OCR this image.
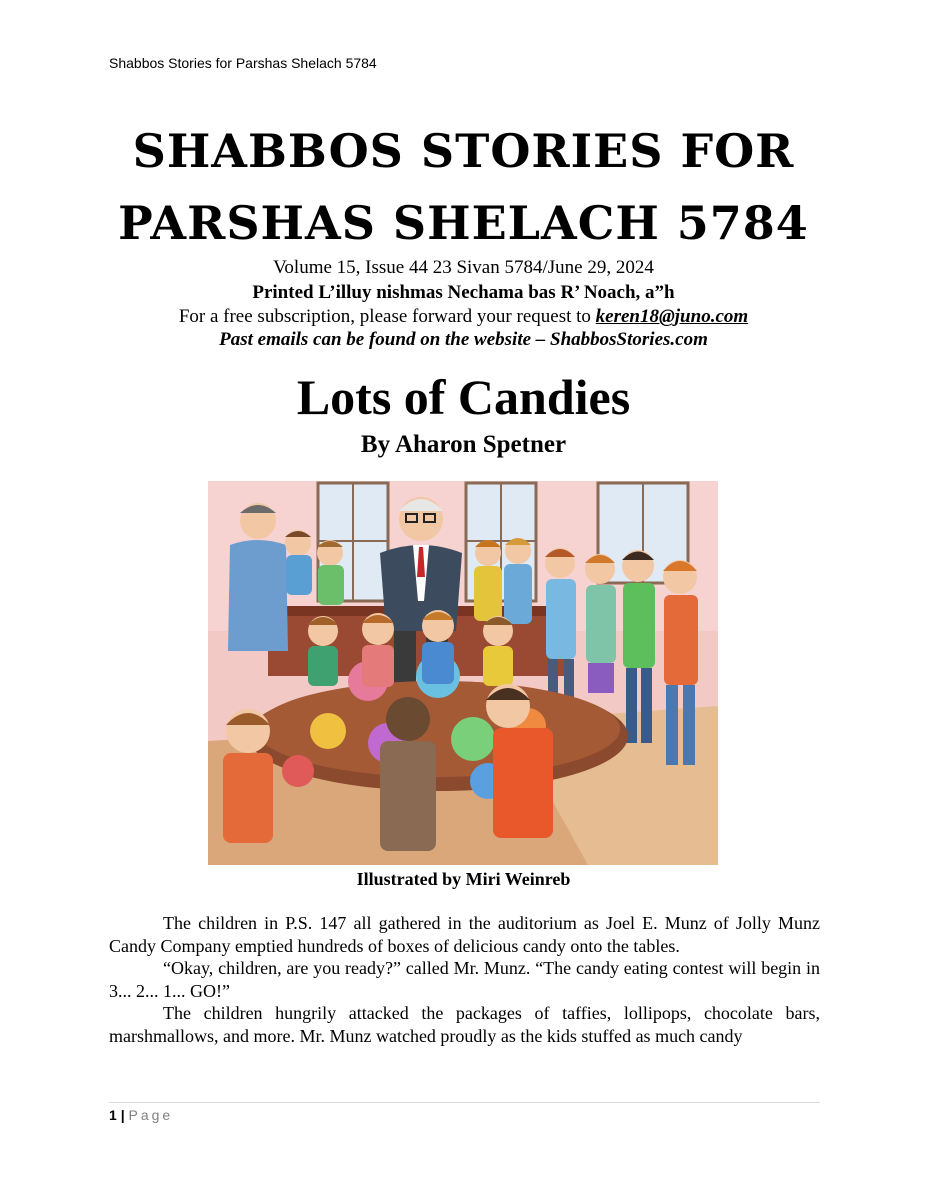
Shabbos Stories for Parshas Shelach 5784
SHABBOS STORIES FOR
PARSHAS SHELACH 5784
Volume 15, Issue 44 23 Sivan 5784/June 29, 2024
Printed L’illuy nishmas Nechama bas R’ Noach, a”h
For a free subscription, please forward your request to keren18@juno.com
Past emails can be found on the website – ShabbosStories.com
Lots of Candies
By Aharon Spetner
Illustrated by Miri Weinreb

The children in P.S. 147 all gathered in the auditorium as Joel E. Munz of Jolly Munz Candy Company emptied hundreds of boxes of delicious candy onto the tables.

“Okay, children, are you ready?” called Mr. Munz. “The candy eating contest will begin in 3... 2... 1... GO!”

The children hungrily attacked the packages of taffies, lollipops, chocolate bars, marshmallows, and more. Mr. Munz watched proudly as the kids stuffed as much candy

1 | Page
